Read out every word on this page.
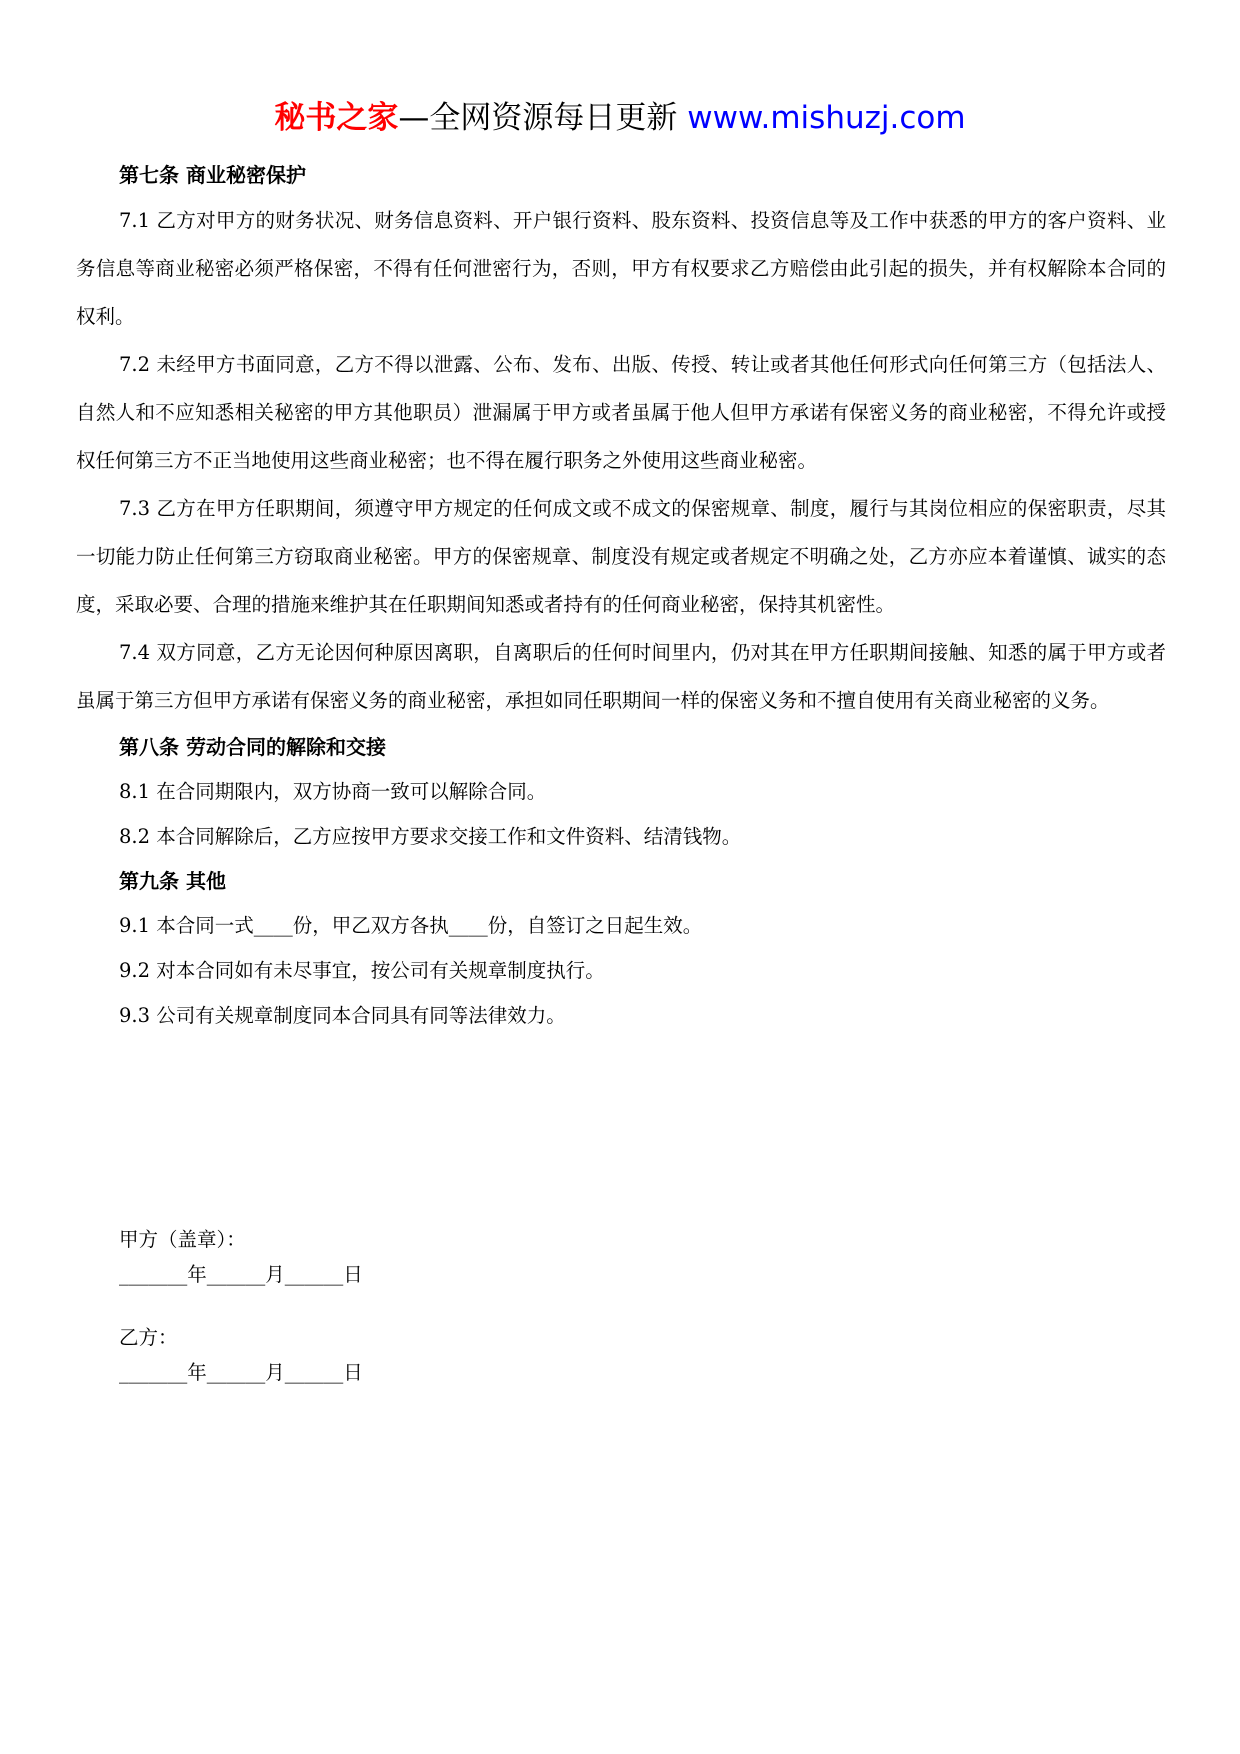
秘书之家—全网资源每日更新 www.mishuzj.com

第七条 商业秘密保护

7.1 乙方对甲方的财务状况、财务信息资料、开户银行资料、股东资料、投资信息等及工作中获悉的甲方的客户资料、业务信息等商业秘密必须严格保密，不得有任何泄密行为，否则，甲方有权要求乙方赔偿由此引起的损失，并有权解除本合同的权利。

7.2 未经甲方书面同意，乙方不得以泄露、公布、发布、出版、传授、转让或者其他任何形式向任何第三方（包括法人、自然人和不应知悉相关秘密的甲方其他职员）泄漏属于甲方或者虽属于他人但甲方承诺有保密义务的商业秘密，不得允许或授权任何第三方不正当地使用这些商业秘密；也不得在履行职务之外使用这些商业秘密。

7.3 乙方在甲方任职期间，须遵守甲方规定的任何成文或不成文的保密规章、制度，履行与其岗位相应的保密职责，尽其一切能力防止任何第三方窃取商业秘密。甲方的保密规章、制度没有规定或者规定不明确之处，乙方亦应本着谨慎、诚实的态度，采取必要、合理的措施来维护其在任职期间知悉或者持有的任何商业秘密，保持其机密性。

7.4 双方同意，乙方无论因何种原因离职，自离职后的任何时间里内，仍对其在甲方任职期间接触、知悉的属于甲方或者虽属于第三方但甲方承诺有保密义务的商业秘密，承担如同任职期间一样的保密义务和不擅自使用有关商业秘密的义务。

第八条 劳动合同的解除和交接

8.1 在合同期限内，双方协商一致可以解除合同。

8.2 本合同解除后，乙方应按甲方要求交接工作和文件资料、结清钱物。

第九条 其他

9.1 本合同一式____份，甲乙双方各执____份，自签订之日起生效。

9.2 对本合同如有未尽事宜，按公司有关规章制度执行。

9.3 公司有关规章制度同本合同具有同等法律效力。

甲方（盖章）：
_______年______月______日
乙方：
_______年______月______日
